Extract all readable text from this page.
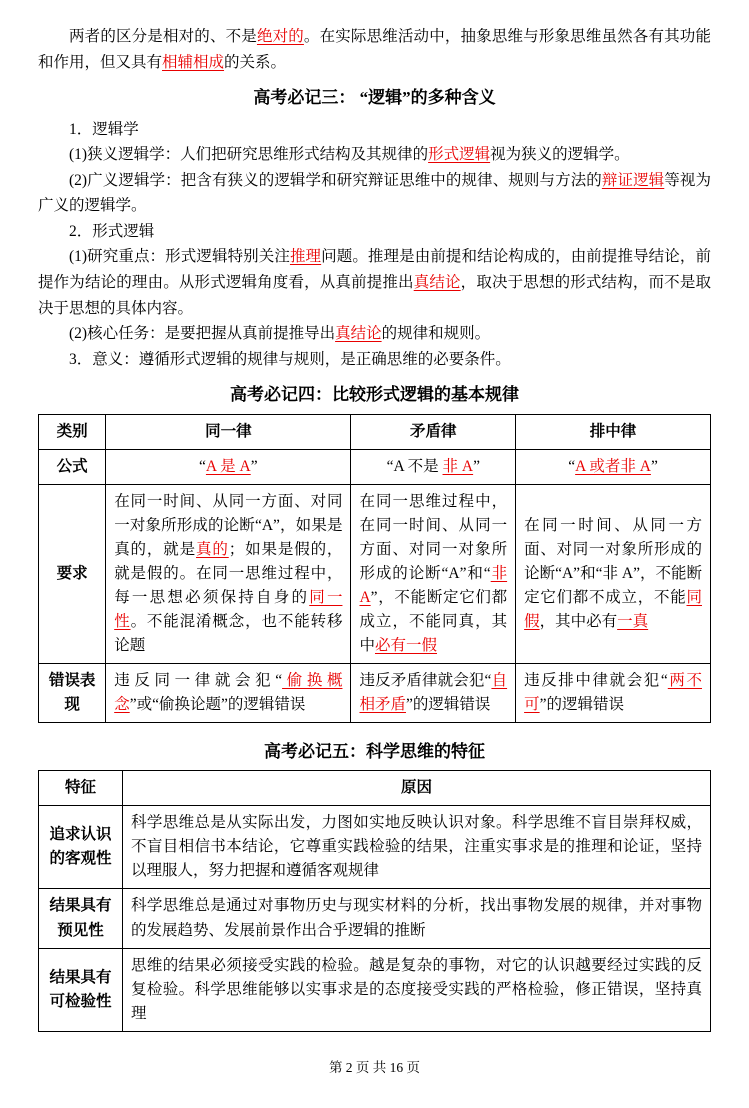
两者的区分是相对的、不是绝对的。在实际思维活动中，抽象思维与形象思维虽然各有其功能和作用，但又具有相辅相成的关系。

高考必记三： “逻辑”的多种含义

1．逻辑学

(1)狭义逻辑学：人们把研究思维形式结构及其规律的形式逻辑视为狭义的逻辑学。

(2)广义逻辑学：把含有狭义的逻辑学和研究辩证思维中的规律、规则与方法的辩证逻辑等视为广义的逻辑学。

2．形式逻辑

(1)研究重点：形式逻辑特别关注推理问题。推理是由前提和结论构成的，由前提推导结论，前提作为结论的理由。从形式逻辑角度看，从真前提推出真结论，取决于思想的形式结构，而不是取决于思想的具体内容。

(2)核心任务：是要把握从真前提推导出真结论的规律和规则。

3．意义：遵循形式逻辑的规律与规则，是正确思维的必要条件。

高考必记四：比较形式逻辑的基本规律
类别	同一律	矛盾律	排中律
公式	“A 是 A”	“A 不是 非 A”	“A 或者非 A”
要求	在同一时间、从同一方面、对同一对象所形成的论断“A”，如果是真的，就是真的；如果是假的，就是假的。在同一思维过程中，每一思想必须保持自身的同一性。不能混淆概念，也不能转移论题	在同一思维过程中，在同一时间、从同一方面、对同一对象所形成的论断“A”和“非 A”，不能断定它们都成立，不能同真，其中必有一假	在同一时间、从同一方面、对同一对象所形成的论断“A”和“非 A”，不能断定它们都不成立，不能同假，其中必有一真
错误表现	违反同一律就会犯“偷换概念”或“偷换论题”的逻辑错误	违反矛盾律就会犯“自相矛盾”的逻辑错误	违反排中律就会犯“两不可”的逻辑错误
高考必记五：科学思维的特征
特征	原因
追求认识的客观性	科学思维总是从实际出发，力图如实地反映认识对象。科学思维不盲目崇拜权威，不盲目相信书本结论，它尊重实践检验的结果，注重实事求是的推理和论证，坚持以理服人，努力把握和遵循客观规律
结果具有预见性	科学思维总是通过对事物历史与现实材料的分析，找出事物发展的规律，并对事物的发展趋势、发展前景作出合乎逻辑的推断
结果具有可检验性	思维的结果必须接受实践的检验。越是复杂的事物，对它的认识越要经过实践的反复检验。科学思维能够以实事求是的态度接受实践的严格检验，修正错误，坚持真理
第 2 页 共 16 页
